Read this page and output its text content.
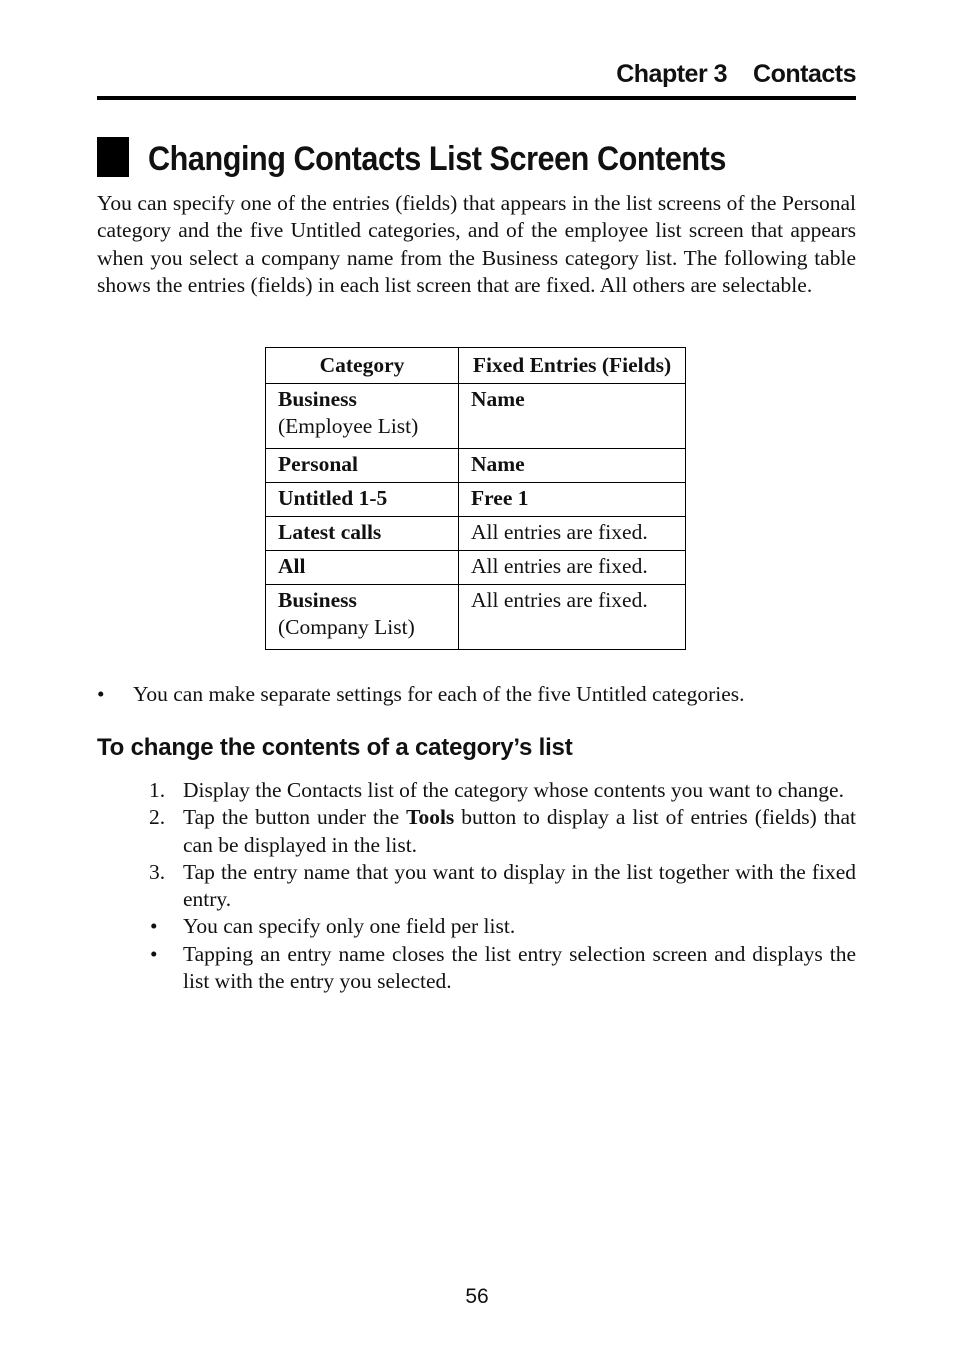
Chapter 3 Contacts
Changing Contacts List Screen Contents

You can specify one of the entries (fields) that appears in the list screens of the Personal category and the five Untitled categories, and of the employee list screen that appears when you select a company name from the Business category list. The following table shows the entries (fields) in each list screen that are fixed. All others are selectable.

Category	Fixed Entries (Fields)
Business
(Employee List)	Name
Personal	Name
Untitled 1-5	Free 1
Latest calls	All entries are fixed.
All	All entries are fixed.
Business
(Company List)	All entries are fixed.
• You can make separate settings for each of the five Untitled categories.
To change the contents of a category’s list
1. Display the Contacts list of the category whose contents you want to change.
2. Tap the button under the Tools button to display a list of entries (fields) that can be displayed in the list.
3. Tap the entry name that you want to display in the list together with the fixed entry.
• You can specify only one field per list.
• Tapping an entry name closes the list entry selection screen and displays the list with the entry you selected.
56
